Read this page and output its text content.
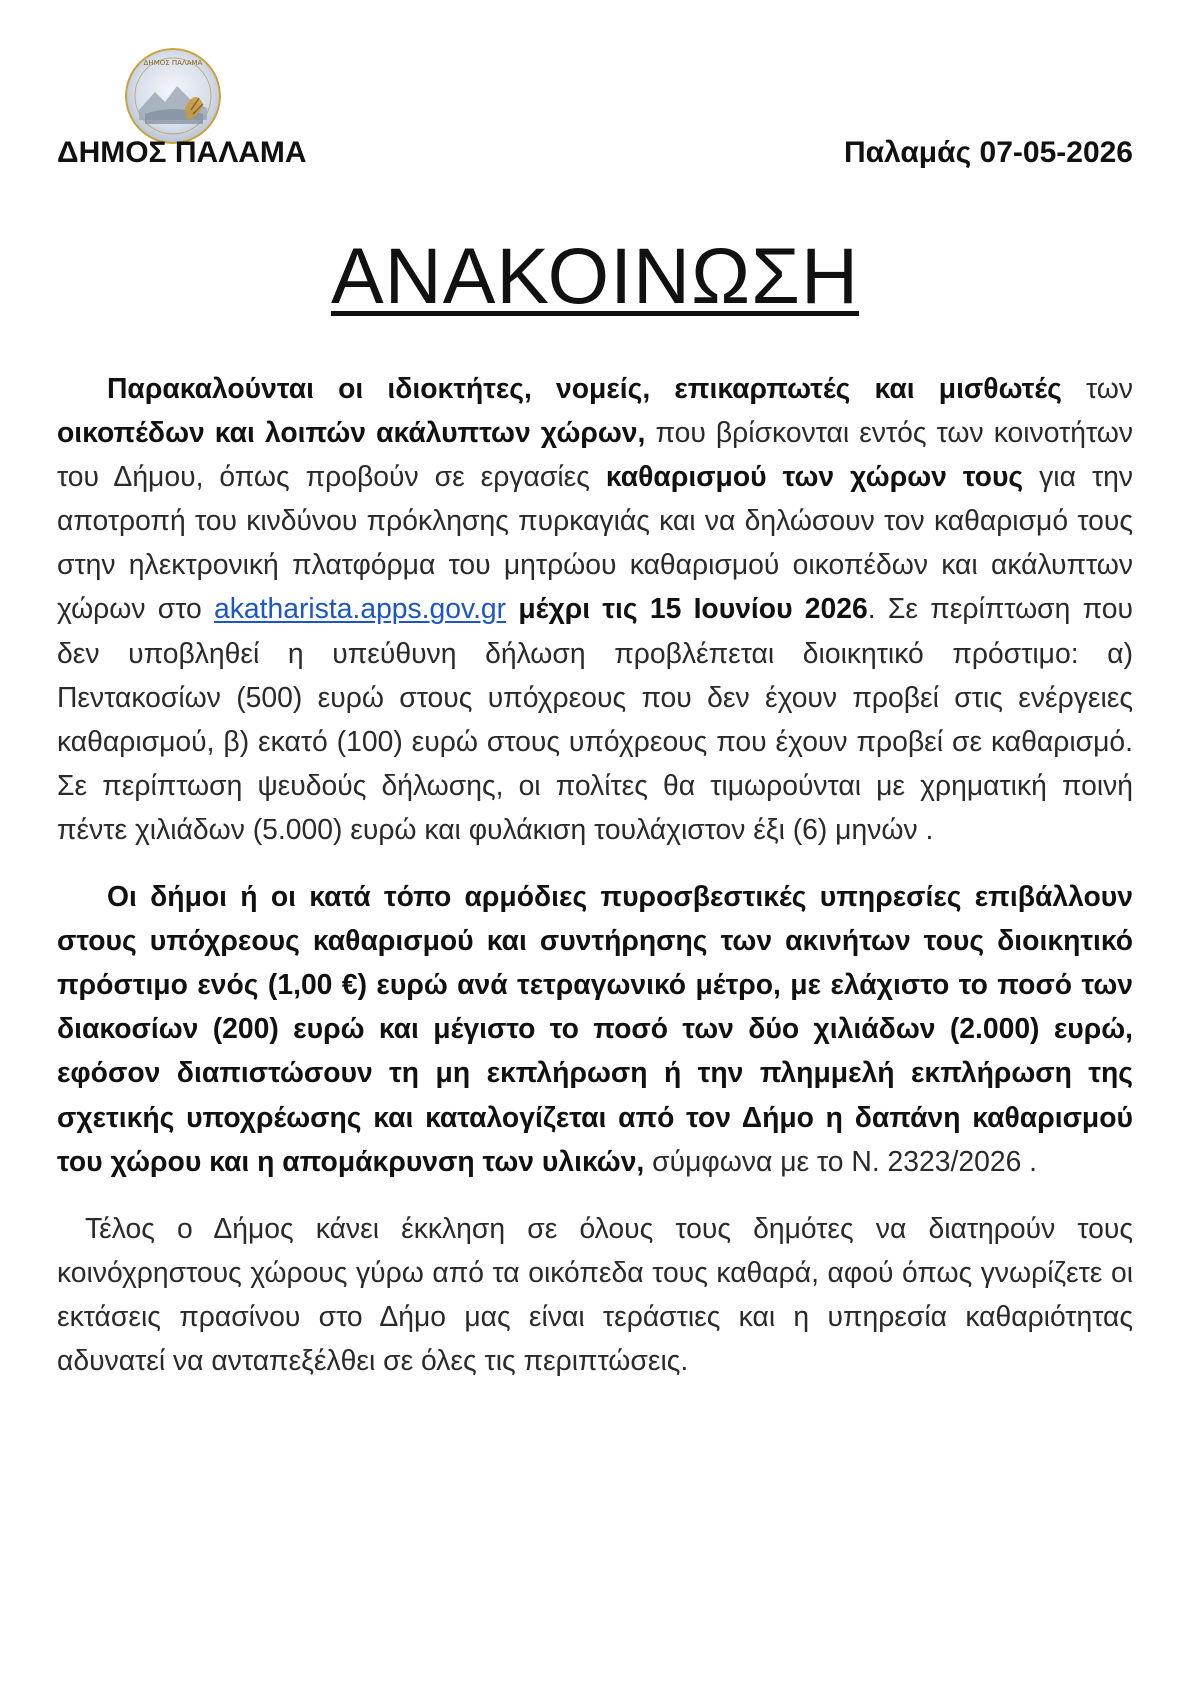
ΔΗΜΟΣ ΠΑΛΑΜΑ
ΔΗΜΟΣ ΠΑΛΑΜΑ	Παλαμάς 07-05-2026
ΑΝΑΚΟΙΝΩΣΗ

Παρακαλούνται οι ιδιοκτήτες, νομείς, επικαρπωτές και μισθωτές των οικοπέδων και λοιπών ακάλυπτων χώρων, που βρίσκονται εντός των κοινοτήτων του Δήμου, όπως προβούν σε εργασίες καθαρισμού των χώρων τους για την αποτροπή του κινδύνου πρόκλησης πυρκαγιάς και να δηλώσουν τον καθαρισμό τους στην ηλεκτρονική πλατφόρμα του μητρώου καθαρισμού οικοπέδων και ακάλυπτων χώρων στο akatharista.apps.gov.gr μέχρι τις 15 Ιουνίου 2026. Σε περίπτωση που δεν υποβληθεί η υπεύθυνη δήλωση προβλέπεται διοικητικό πρόστιμο: α) Πεντακοσίων (500) ευρώ στους υπόχρεους που δεν έχουν προβεί στις ενέργειες καθαρισμού, β) εκατό (100) ευρώ στους υπόχρεους που έχουν προβεί σε καθαρισμό. Σε περίπτωση ψευδούς δήλωσης, οι πολίτες θα τιμωρούνται με χρηματική ποινή πέντε χιλιάδων (5.000) ευρώ και φυλάκιση τουλάχιστον έξι (6) μηνών .

Οι δήμοι ή οι κατά τόπο αρμόδιες πυροσβεστικές υπηρεσίες επιβάλλουν στους υπόχρεους καθαρισμού και συντήρησης των ακινήτων τους διοικητικό πρόστιμο ενός (1,00 €) ευρώ ανά τετραγωνικό μέτρο, με ελάχιστο το ποσό των διακοσίων (200) ευρώ και μέγιστο το ποσό των δύο χιλιάδων (2.000) ευρώ, εφόσον διαπιστώσουν τη μη εκπλήρωση ή την πλημμελή εκπλήρωση της σχετικής υποχρέωσης και καταλογίζεται από τον Δήμο η δαπάνη καθαρισμού του χώρου και η απομάκρυνση των υλικών, σύμφωνα με το Ν. 2323/2026 .

Τέλος ο Δήμος κάνει έκκληση σε όλους τους δημότες να διατηρούν τους κοινόχρηστους χώρους γύρω από τα οικόπεδα τους καθαρά, αφού όπως γνωρίζετε οι εκτάσεις πρασίνου στο Δήμο μας είναι τεράστιες και η υπηρεσία καθαριότητας αδυνατεί να ανταπεξέλθει σε όλες τις περιπτώσεις.
